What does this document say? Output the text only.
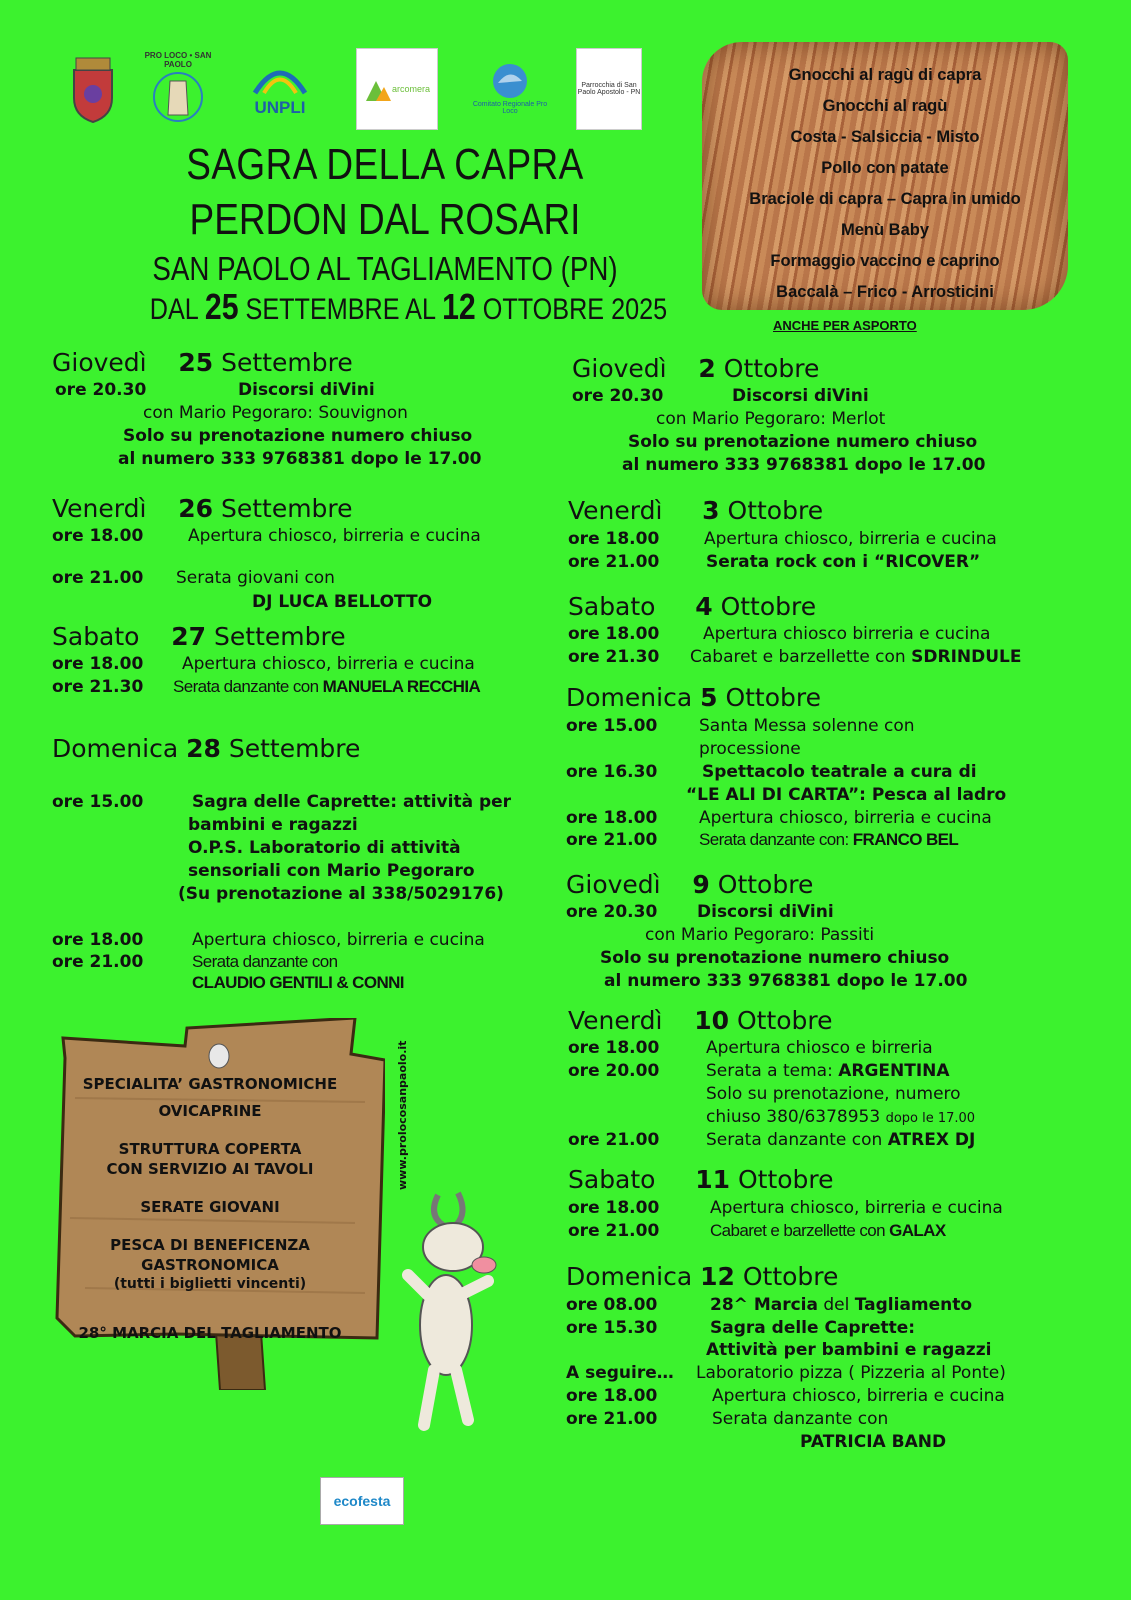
PRO LOCO • SAN PAOLO
UNPLI
arcomera
Comitato Regionale Pro Loco
Parrocchia di San Paolo Apostolo - PN
SAGRA DELLA CAPRA
PERDON DAL ROSARI
SAN PAOLO AL TAGLIAMENTO (PN)
DAL 25 SETTEMBRE AL 12 OTTOBRE 2025
Gnocchi al ragù di capra
Gnocchi al ragù
Costa - Salsiccia - Misto
Pollo con patate
Braciole di capra – Capra in umido
Menù Baby
Formaggio vaccino e caprino
Baccalà – Frico - Arrosticini
ANCHE PER ASPORTO
Giovedì 25 Settembre
ore 20.30	Discorsi diVini
con Mario Pegoraro: Souvignon
Solo su prenotazione numero chiuso
al numero 333 9768381 dopo le 17.00
Venerdì 26 Settembre
ore 18.00	Apertura chiosco, birreria e cucina
ore 21.00 Serata giovani con
DJ LUCA BELLOTTO
Sabato 27 Settembre
ore 18.00 Apertura chiosco, birreria e cucina
ore 21.30 Serata danzante con MANUELA RECCHIA
Domenica 28 Settembre
ore 15.00	Sagra delle Caprette: attività per
bambini e ragazzi
O.P.S. Laboratorio di attività
sensoriali con Mario Pegoraro
(Su prenotazione al 338/5029176)
ore 18.00	Apertura chiosco, birreria e cucina
ore 21.00	Serata danzante con
CLAUDIO GENTILI & CONNI
SPECIALITA’ GASTRONOMICHE
OVICAPRINE
STRUTTURA COPERTA
CON SERVIZIO AI TAVOLI
SERATE GIOVANI
PESCA DI BENEFICENZA
GASTRONOMICA
(tutti i biglietti vincenti)
28° MARCIA DEL TAGLIAMENTO
www.prolocosanpaolo.it
ecofesta
Giovedì 2 Ottobre
ore 20.30	Discorsi diVini
con Mario Pegoraro: Merlot
Solo su prenotazione numero chiuso
al numero 333 9768381 dopo le 17.00
Venerdì 3 Ottobre
ore 18.00	Apertura chiosco, birreria e cucina
ore 21.00	Serata rock con i “RICOVER”
Sabato 4 Ottobre
ore 18.00	Apertura chiosco birreria e cucina
ore 21.30 Cabaret e barzellette con SDRINDULE
Domenica 5 Ottobre
ore 15.00 Santa Messa solenne con
processione
ore 16.30	Spettacolo teatrale a cura di
“LE ALI DI CARTA”: Pesca al ladro
ore 18.00 Apertura chiosco, birreria e cucina
ore 21.00 Serata danzante con: FRANCO BEL
Giovedì 9 Ottobre
ore 20.30 Discorsi diVini
con Mario Pegoraro: Passiti
Solo su prenotazione numero chiuso
al numero 333 9768381 dopo le 17.00
Venerdì 10 Ottobre
ore 18.00	Apertura chiosco e birreria
ore 20.00	Serata a tema: ARGENTINA
Solo su prenotazione, numero
chiuso 380/6378953 dopo le 17.00
ore 21.00	Serata danzante con ATREX DJ
Sabato 11 Ottobre
ore 18.00	Apertura chiosco, birreria e cucina
ore 21.00	Cabaret e barzellette con GALAX
Domenica 12 Ottobre
ore 08.00	28^ Marcia del Tagliamento
ore 15.30	Sagra delle Caprette:
Attività per bambini e ragazzi
A seguire… Laboratorio pizza ( Pizzeria al Ponte)
ore 18.00	Apertura chiosco, birreria e cucina
ore 21.00	Serata danzante con
PATRICIA BAND
